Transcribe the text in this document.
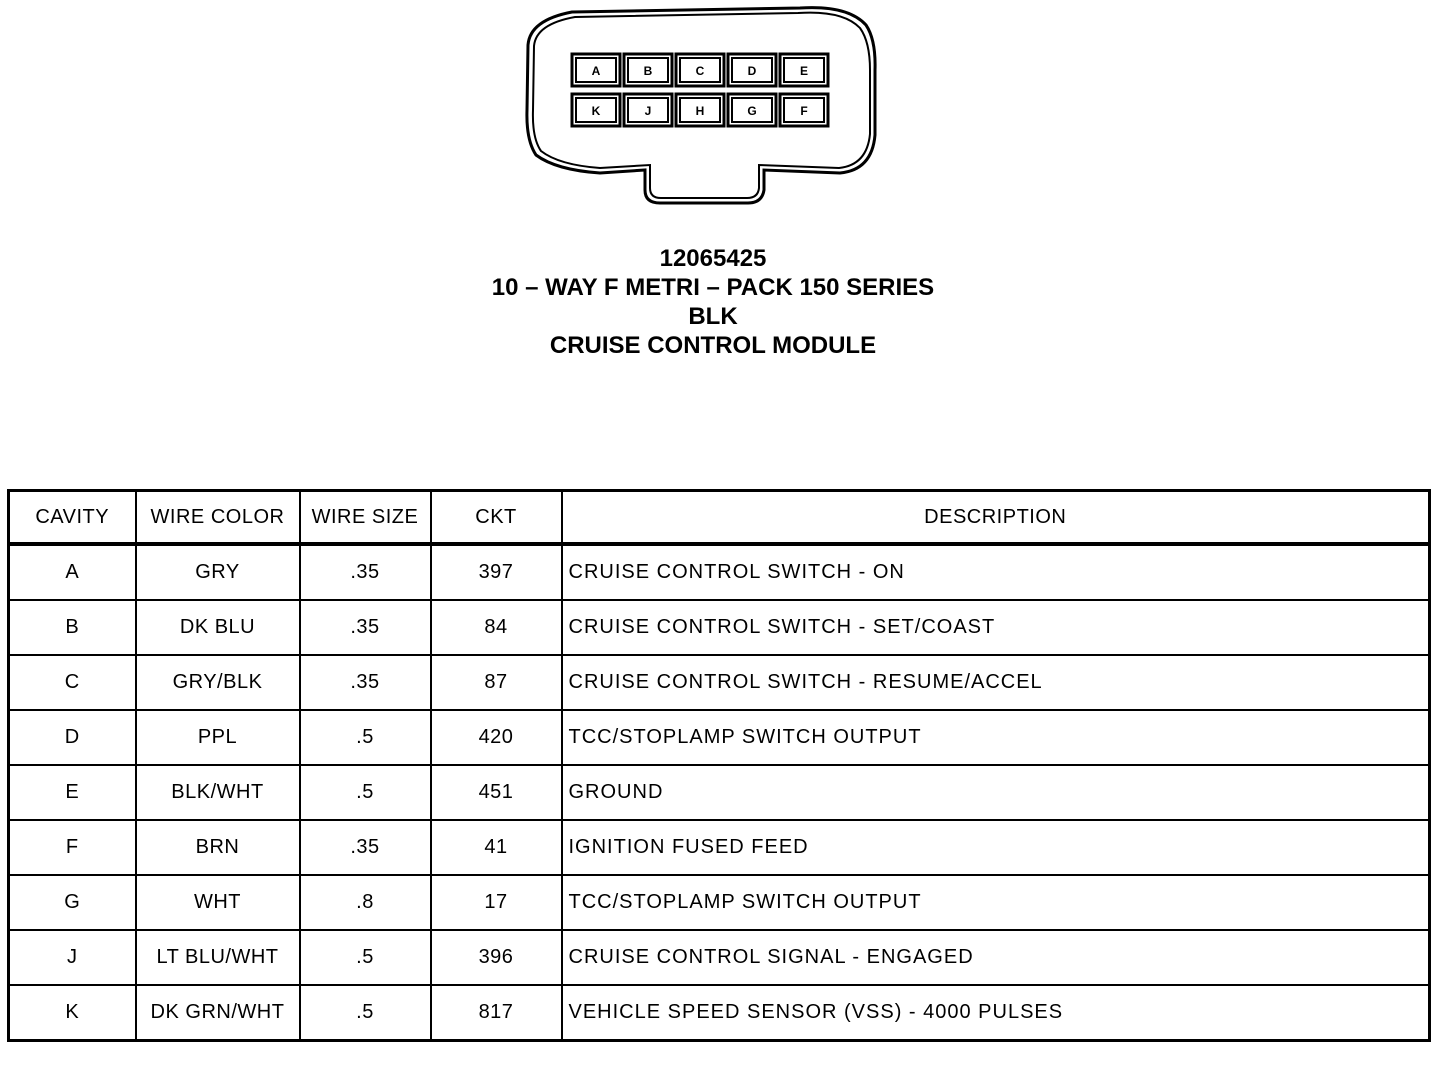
A	B	C	D	E
K	J	H	G	F
12065425
10 – WAY F METRI – PACK 150 SERIES
BLK
CRUISE CONTROL MODULE
CAVITY	WIRE COLOR	WIRE SIZE	CKT	DESCRIPTION
A	GRY	.35	397	CRUISE CONTROL SWITCH - ON
B	DK BLU	.35	84	CRUISE CONTROL SWITCH - SET/COAST
C	GRY/BLK	.35	87	CRUISE CONTROL SWITCH - RESUME/ACCEL
D	PPL	.5	420	TCC/STOPLAMP SWITCH OUTPUT
E	BLK/WHT	.5	451	GROUND
F	BRN	.35	41	IGNITION FUSED FEED
G	WHT	.8	17	TCC/STOPLAMP SWITCH OUTPUT
J	LT BLU/WHT	.5	396	CRUISE CONTROL SIGNAL - ENGAGED
K	DK GRN/WHT	.5	817	VEHICLE SPEED SENSOR (VSS) - 4000 PULSES
